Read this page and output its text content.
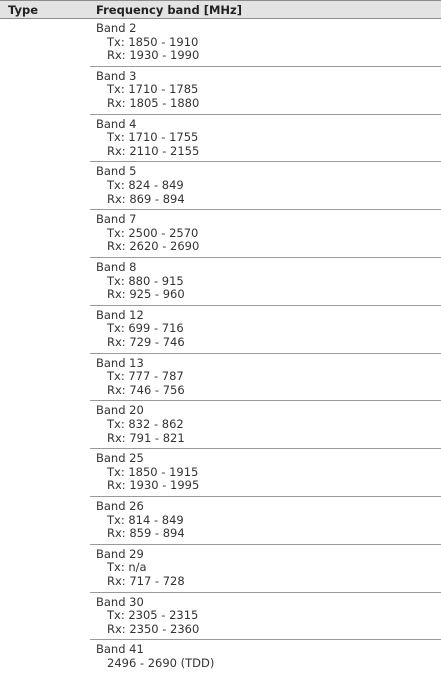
Type	Frequency band [MHz]
Band 2
Tx: 1850 - 1910
Rx: 1930 - 1990
Band 3
Tx: 1710 - 1785
Rx: 1805 - 1880
Band 4
Tx: 1710 - 1755
Rx: 2110 - 2155
Band 5
Tx: 824 - 849
Rx: 869 - 894
Band 7
Tx: 2500 - 2570
Rx: 2620 - 2690
Band 8
Tx: 880 - 915
Rx: 925 - 960
Band 12
Tx: 699 - 716
Rx: 729 - 746
Band 13
Tx: 777 - 787
Rx: 746 - 756
Band 20
Tx: 832 - 862
Rx: 791 - 821
Band 25
Tx: 1850 - 1915
Rx: 1930 - 1995
Band 26
Tx: 814 - 849
Rx: 859 - 894
Band 29
Tx: n/a
Rx: 717 - 728
Band 30
Tx: 2305 - 2315
Rx: 2350 - 2360
Band 41
2496 - 2690 (TDD)
